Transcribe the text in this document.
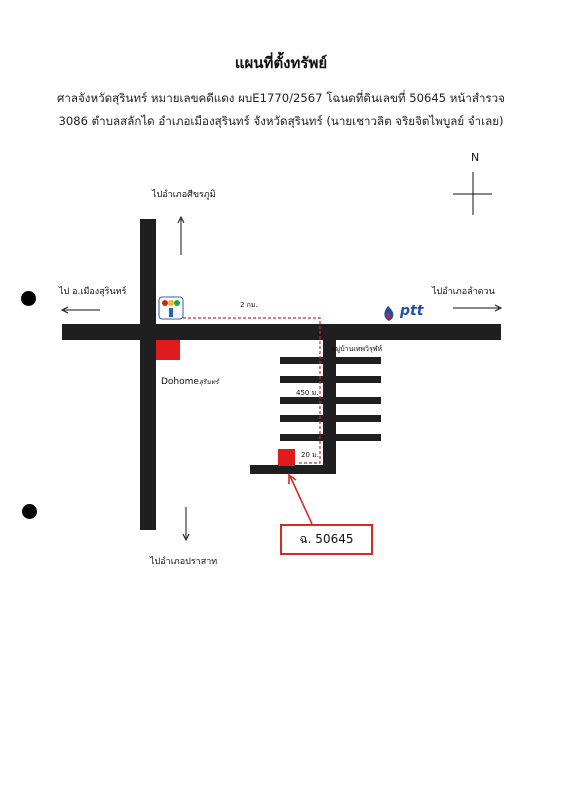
แผนที่ตั้งทรัพย์
ศาลจังหวัดสุรินทร์ หมายเลขคดีแดง ผบE1770/2567 โฉนดที่ดินเลขที่ 50645 หน้าสำรวจ
3086 ตำบลสลักได อำเภอเมืองสุรินทร์ จังหวัดสุรินทร์ (นายเชาวลิต จริยจิตไพบูลย์ จำเลย)
N
ไปอำเภอศีขรภูมิ
ไป อ.เมืองสุรินทร์	ไปอำเภอลำดวน
ไปอำเภอปราสาท
2 กม.
450 ม.
20 ม.
หมู่บ้านเทพวิรุฬห์
ptt
Dohomeสุรินทร์
ฉ. 50645
